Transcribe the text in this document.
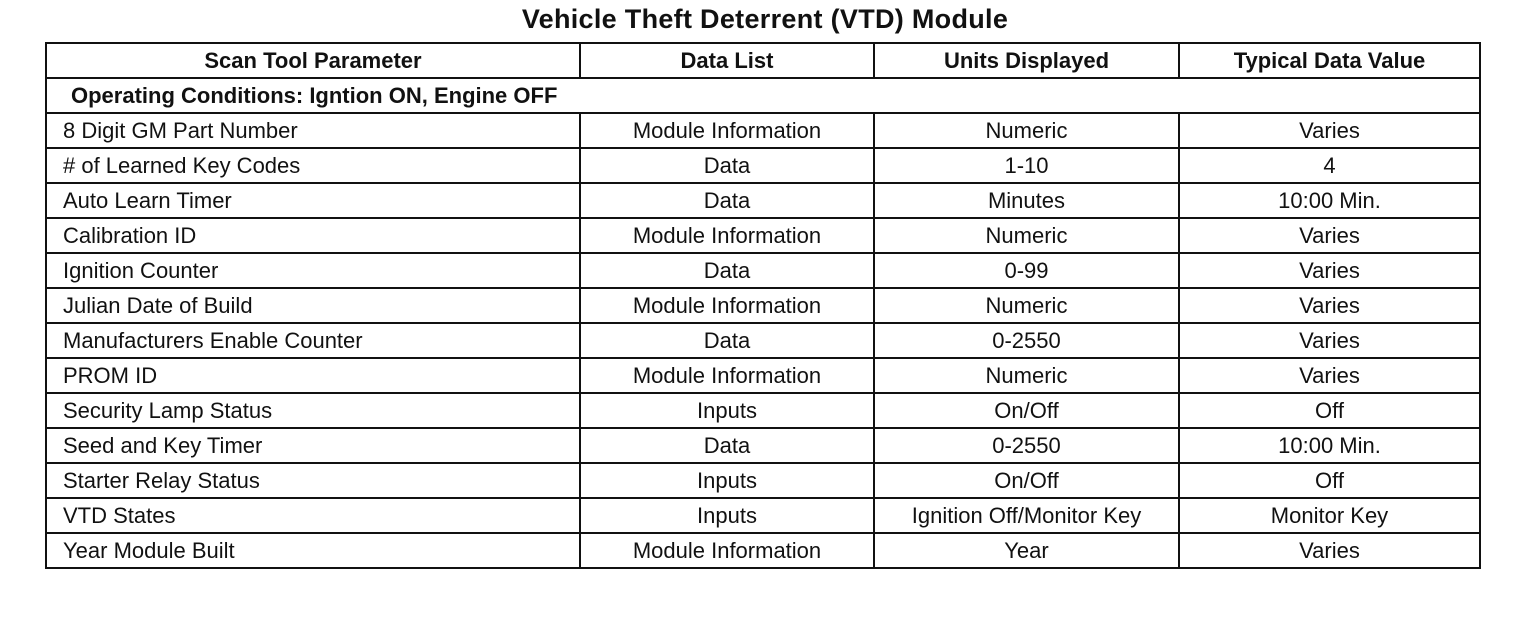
Vehicle Theft Deterrent (VTD) Module
Scan Tool Parameter	Data List	Units Displayed	Typical Data Value
Operating Conditions: Igntion ON, Engine OFF			
8 Digit GM Part Number	Module Information	Numeric	Varies
# of Learned Key Codes	Data	1-10	4
Auto Learn Timer	Data	Minutes	10:00 Min.
Calibration ID	Module Information	Numeric	Varies
Ignition Counter	Data	0-99	Varies
Julian Date of Build	Module Information	Numeric	Varies
Manufacturers Enable Counter	Data	0-2550	Varies
PROM ID	Module Information	Numeric	Varies
Security Lamp Status	Inputs	On/Off	Off
Seed and Key Timer	Data	0-2550	10:00 Min.
Starter Relay Status	Inputs	On/Off	Off
VTD States	Inputs	Ignition Off/Monitor Key	Monitor Key
Year Module Built	Module Information	Year	Varies
